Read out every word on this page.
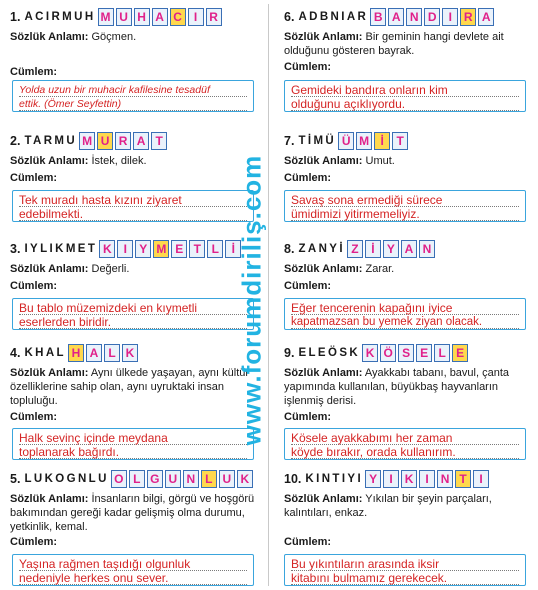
1. ACIRMUH M U H A C	I R
Sözlük Anlamı: Göçmen.
Cümlem:
Yolda uzun bir muhacir kafilesine tesadüf
ettik. (Ömer Seyfettin)
2. TARMU M U R A T
Sözlük Anlamı: İstek, dilek.
Cümlem:
Tek muradı hasta kızını ziyaret
edebilmekti.
3. IYLIKMET K	I	Y M E T L	İ
Sözlük Anlamı: Değerli.
Cümlem:
Bu tablo müzemizdeki en kıymetli
eserlerden biridir.
4. KHAL H A L K
Sözlük Anlamı: Aynı ülkede yaşayan, aynı kültür özelliklerine sahip olan, aynı uyruktaki insan topluluğu.
Cümlem:
Halk sevinç içinde meydana
toplanarak bağırdı.
5. LUKOGNLU O L G U N L U K
Sözlük Anlamı: İnsanların bilgi, görgü ve hoşgörü bakımından gereği kadar gelişmiş olma durumu, yetkinlik, kemal.
Cümlem:
Yaşına rağmen taşıdığı olgunluk
nedeniyle herkes onu sever.
6. ADBNIAR B A N D	I R A
Sözlük Anlamı: Bir geminin hangi devlete ait olduğunu gösteren bayrak.
Cümlem:
Gemideki bandıra onların kim
olduğunu açıklıyordu.
7. TİMÜ Ü M İ	T
Sözlük Anlamı: Umut.
Cümlem:
Savaş sona ermediği sürece
ümidimizi yitirmemeliyiz.
8. ZANYİ Z	İ	Y A N
Sözlük Anlamı: Zarar.
Cümlem:
Eğer tencerenin kapağını iyice
kapatmazsan bu yemek ziyan olacak.
9. ELEÖSK K Ö S E L E
Sözlük Anlamı: Ayakkabı tabanı, bavul, çanta yapımında kullanılan, büyükbaş hayvanların işlenmiş derisi.
Cümlem:
Kösele ayakkabımı her zaman
köyde bırakır, orada kullanırım.
10. KINTIYI Y	I K	I N T	I
Sözlük Anlamı: Yıkılan bir şeyin parçaları, kalıntıları, enkaz.
Cümlem:
Bu yıkıntıların arasında iksir
kitabını bulmamız gerekecek.
www.forumdiriliş.com
